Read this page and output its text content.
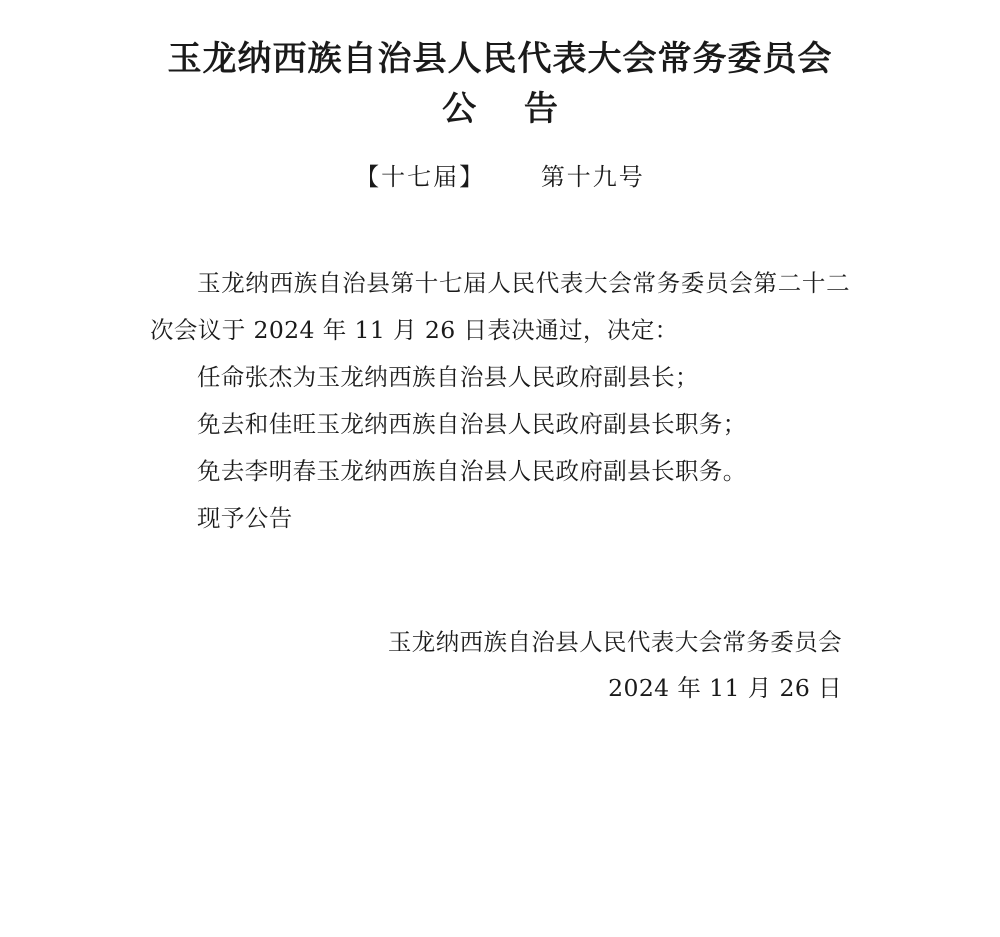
玉龙纳西族自治县人民代表大会常务委员会
公 告
【十七届】 第十九号

玉龙纳西族自治县第十七届人民代表大会常务委员会第二十二次会议于 2024 年 11 月 26 日表决通过，决定：

任命张杰为玉龙纳西族自治县人民政府副县长；

免去和佳旺玉龙纳西族自治县人民政府副县长职务；

免去李明春玉龙纳西族自治县人民政府副县长职务。

现予公告

玉龙纳西族自治县人民代表大会常务委员会
2024 年 11 月 26 日
